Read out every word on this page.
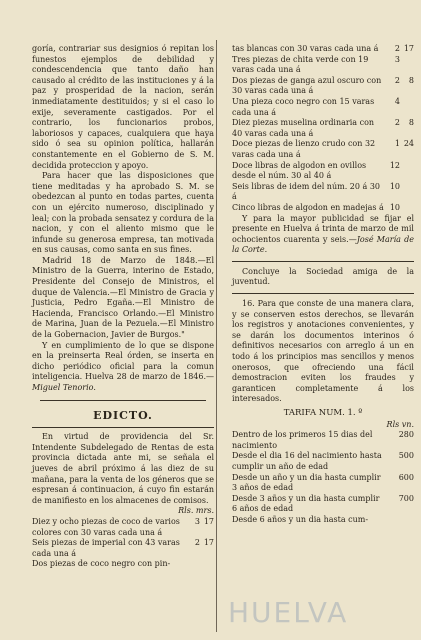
goría, contrariar sus designios ó repitan los funestos ejemplos de debilidad y condescendencia que tanto daño han causado al crédito de las instituciones y á la paz y prosperidad de la nacion, serán inmediatamente destituidos; y si el caso lo exije, severamente castigados. Por el contrario, los funcionarios probos, laboriosos y capaces, cualquiera que haya sido ó sea su opinion política, hallarán constantemente en el Gobierno de S. M. decidida proteccion y apoyo.

Para hacer que las disposiciones que tiene meditadas y ha aprobado S. M. se obedezcan al punto en todas partes, cuenta con un ejército numeroso, disciplinado y leal; con la probada sensatez y cordura de la nacion, y con el aliento mismo que le infunde su generosa empresa, tan motivada en sus causas, como santa en sus fines.

Madrid 18 de Marzo de 1848.—El Ministro de la Guerra, interino de Estado, Presidente del Consejo de Ministros, el duque de Valencia.—El Ministro de Gracia y Justicia, Pedro Egaña.—El Ministro de Hacienda, Francisco Orlando.—El Ministro de Marina, Juan de la Pezuela.—El Ministro de la Gobernacion, Javier de Burgos."

Y en cumplimiento de lo que se dispone en la preinserta Real órden, se inserta en dicho periódico oficial para la comun inteligencia. Huelva 28 de marzo de 1846.—Miguel Tenorio.

EDICTO.

En virtud de providencia del Sr. Intendente Subdelegado de Rentas de esta provincia dictada ante mi, se señala el jueves de abril próximo á las diez de su mañana, para la venta de los géneros que se espresan á continuacion, á cuyo fin estarán de manifiesto en los almacenes de comisos.

Rls. mrs.
Diez y ocho piezas de coco de varios colores con 30 varas cada una á
3 17
Seis piezas de imperial con 43 varas cada una á
2 17
Dos piezas de coco negro con pin-
tas blancas con 30 varas cada una á	2 17
Tres piezas de chita verde con 19 varas cada una á
3
Dos piezas de ganga azul oscuro con 30 varas cada una á
2	8
Una pieza coco negro con 15 varas cada una á
4
Diez piezas muselina ordinaria con 40 varas cada una á
2	8
Doce piezas de lienzo crudo con 32 varas cada una á
1 24
Doce libras de algodon en ovillos desde el núm. 30 al 40 á
12
Seis libras de idem del núm. 20 á 30 á
10
Cinco libras de algodon en madejas á 10

Y para la mayor publicidad se fijar el presente en Huelva á trinta de marzo de mil ochocientos cuarenta y seis.—José María de la Corte.

Concluye la Sociedad amiga de la juventud.

16. Para que conste de una manera clara, y se conserven estos derechos, se llevarán los registros y anotaciones convenientes, y se darán los documentos interinos ó definitivos necesarios con arreglo á un en todo á los principios mas sencillos y menos onerosos, que ofreciendo una fácil demostracion eviten los fraudes y garanticen completamente á los interesados.

TARIFA NUM. 1. º
Rls vn.
Dentro de los primeros 15 dias del nacimiento
280
Desde el dia 16 del nacimiento hasta cumplir un año de edad
500
Desde un año y un dia hasta cumplir 3 años de edad
600
Desde 3 años y un dia hasta cumplir 6 años de edad
700
Desde 6 años y un dia hasta cum-
HUELVA
